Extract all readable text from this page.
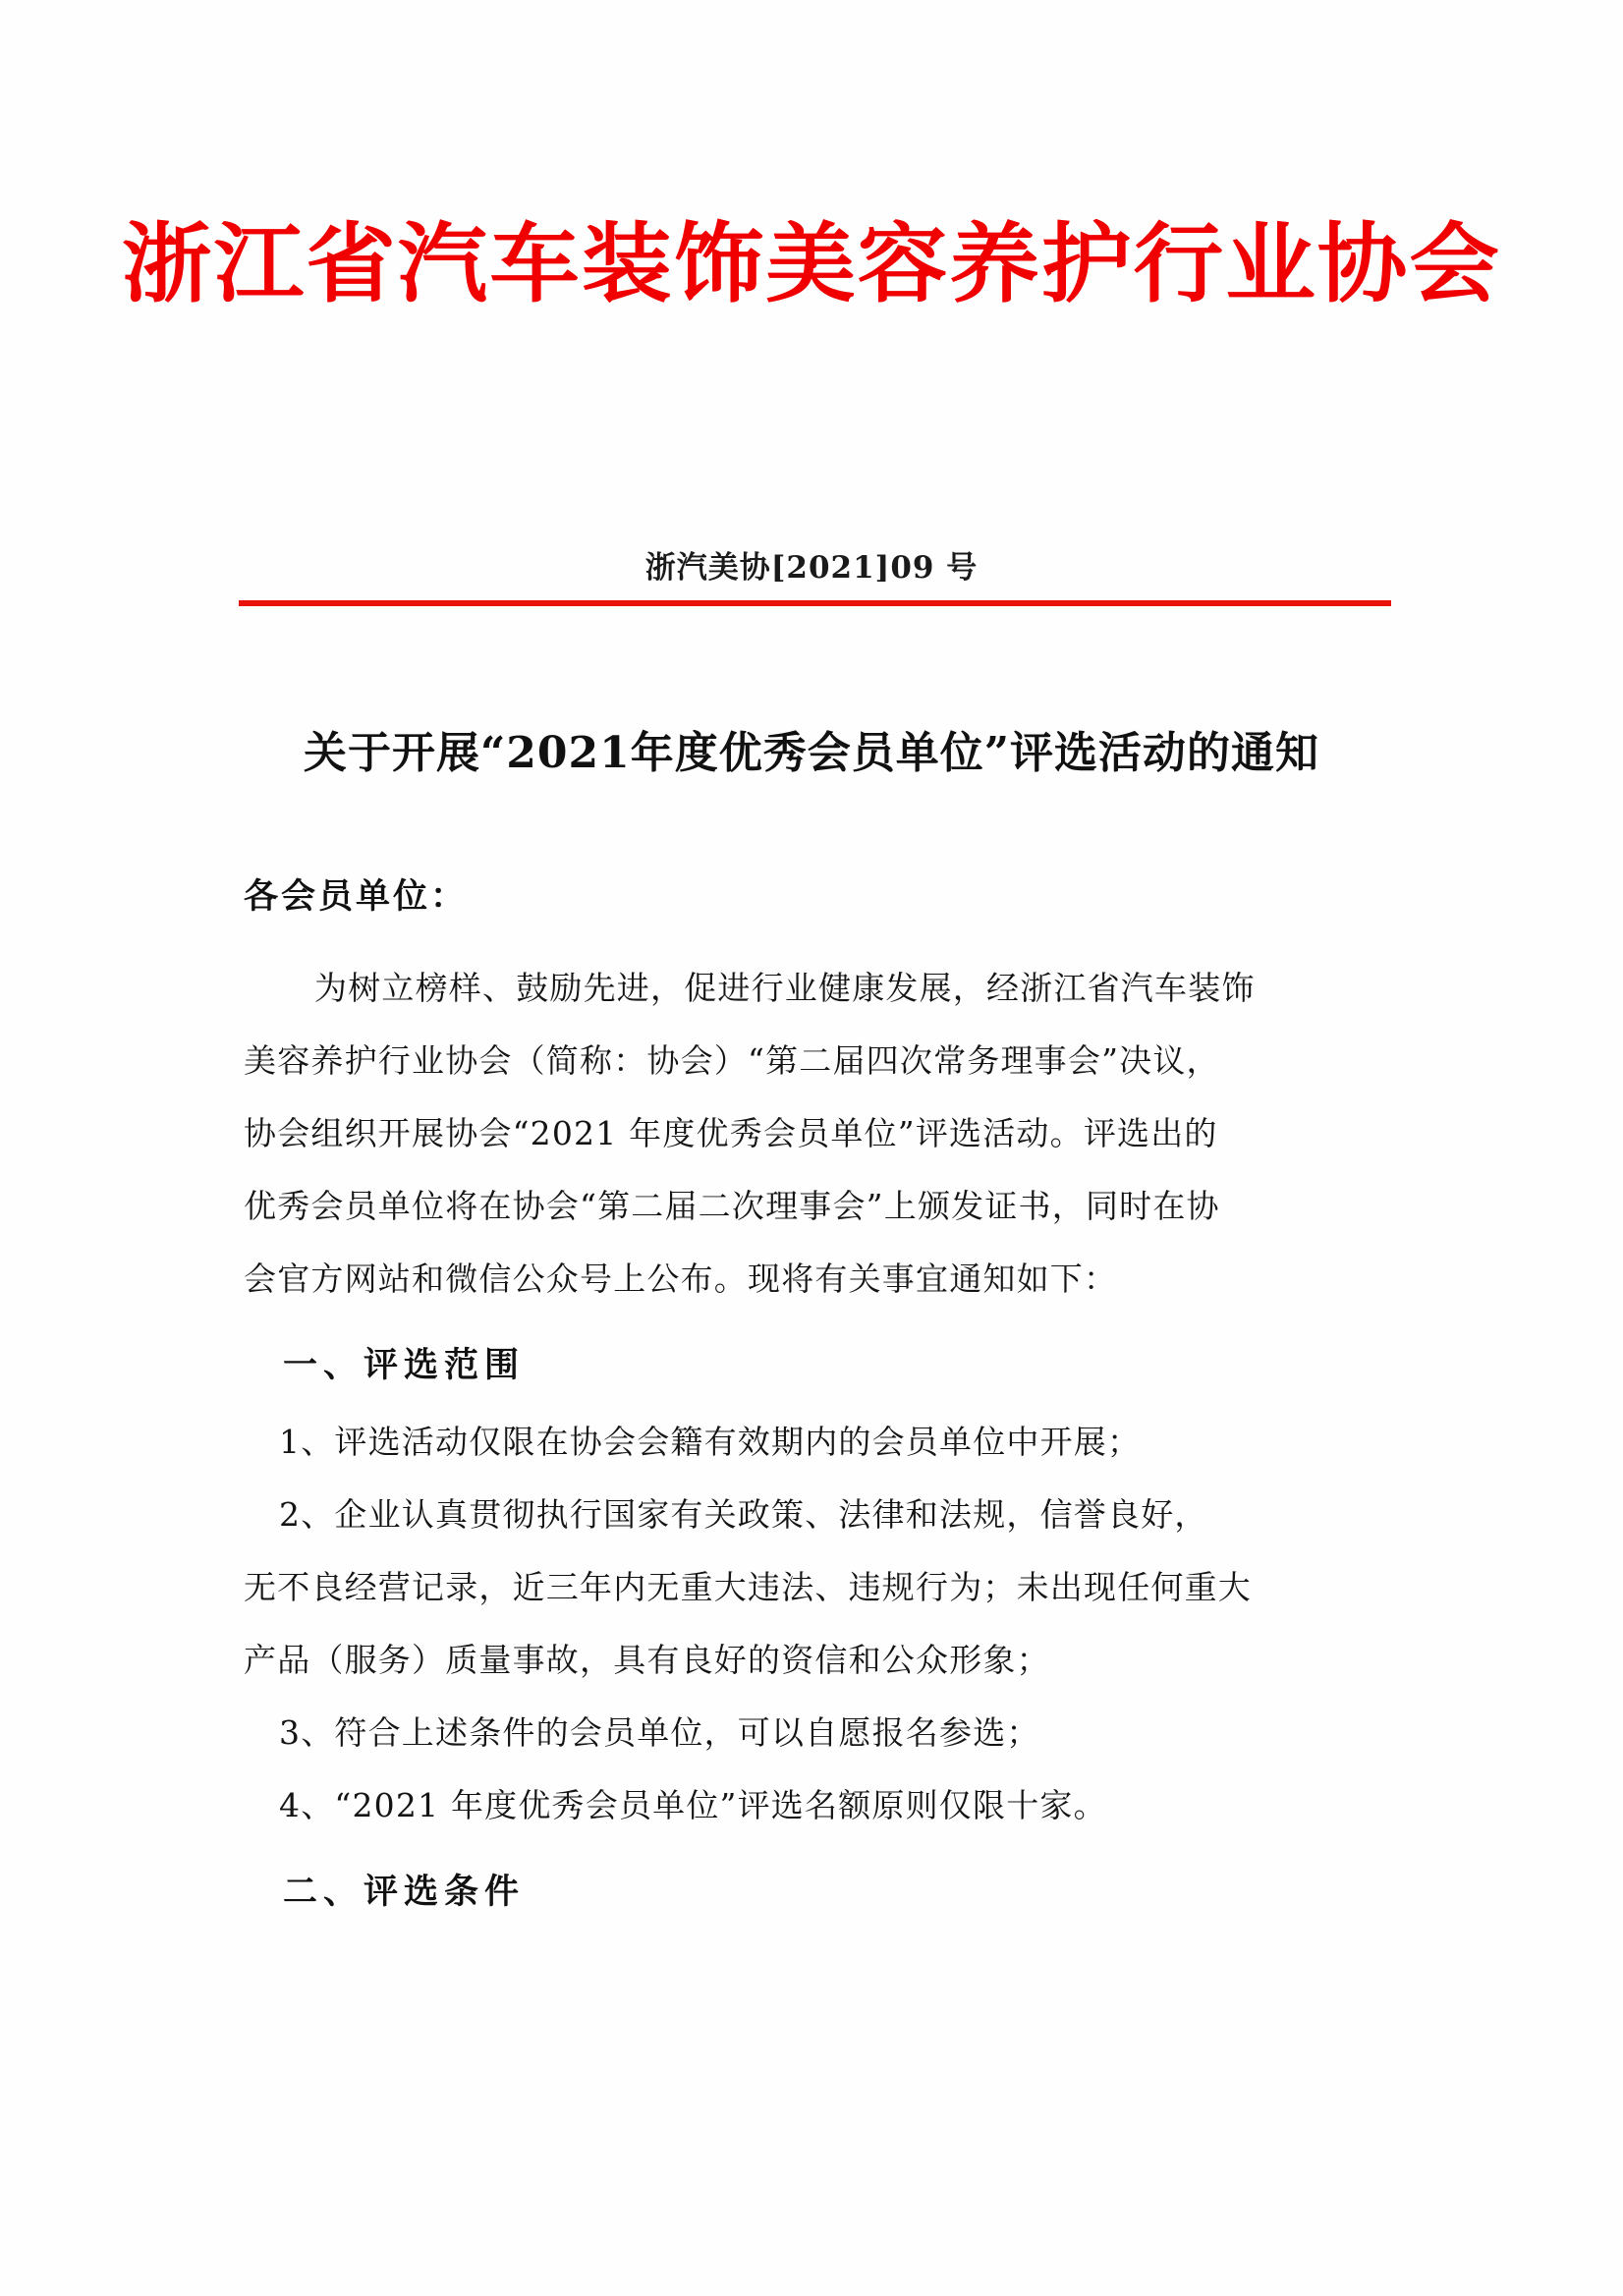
浙江省汽车装饰美容养护行业协会
浙汽美协[2021]09 号
关于开展“2021年度优秀会员单位”评选活动的通知
各会员单位：
为树立榜样、鼓励先进，促进行业健康发展，经浙江省汽车装饰
美容养护行业协会（简称：协会）“第二届四次常务理事会”决议，
协会组织开展协会“2021 年度优秀会员单位”评选活动。评选出的
优秀会员单位将在协会“第二届二次理事会”上颁发证书，同时在协
会官方网站和微信公众号上公布。现将有关事宜通知如下：
一、评选范围
1、评选活动仅限在协会会籍有效期内的会员单位中开展；
2、企业认真贯彻执行国家有关政策、法律和法规，信誉良好，
无不良经营记录，近三年内无重大违法、违规行为；未出现任何重大
产品（服务）质量事故，具有良好的资信和公众形象；
3、符合上述条件的会员单位，可以自愿报名参选；
4、“2021 年度优秀会员单位”评选名额原则仅限十家。
二、评选条件
